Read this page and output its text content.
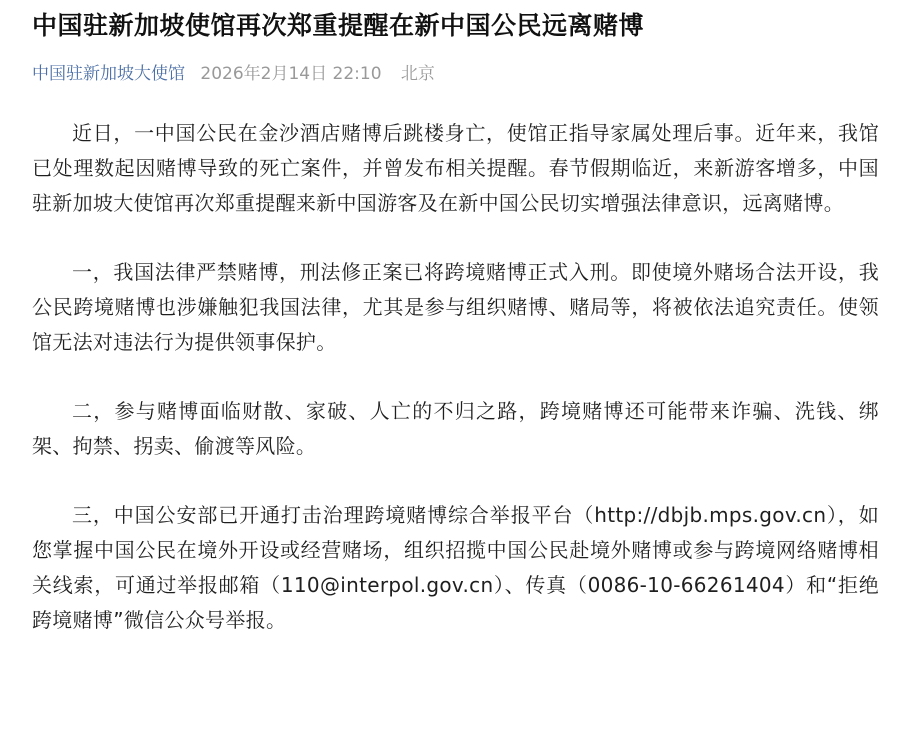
中国驻新加坡使馆再次郑重提醒在新中国公民远离赌博
中国驻新加坡大使馆 2026年2月14日 22:10 北京

近日，一中国公民在金沙酒店赌博后跳楼身亡，使馆正指导家属处理后事。近年来，我馆已处理数起因赌博导致的死亡案件，并曾发布相关提醒。春节假期临近，来新游客增多，中国驻新加坡大使馆再次郑重提醒来新中国游客及在新中国公民切实增强法律意识，远离赌博。

一，我国法律严禁赌博，刑法修正案已将跨境赌博正式入刑。即使境外赌场合法开设，我公民跨境赌博也涉嫌触犯我国法律，尤其是参与组织赌博、赌局等，将被依法追究责任。使领馆无法对违法行为提供领事保护。

二，参与赌博面临财散、家破、人亡的不归之路，跨境赌博还可能带来诈骗、洗钱、绑架、拘禁、拐卖、偷渡等风险。

三，中国公安部已开通打击治理跨境赌博综合举报平台（http://dbjb.mps.gov.cn），如您掌握中国公民在境外开设或经营赌场，组织招揽中国公民赴境外赌博或参与跨境网络赌博相关线索，可通过举报邮箱（110@interpol.gov.cn）、传真（0086-10-66261404）和“拒绝跨境赌博”微信公众号举报。
